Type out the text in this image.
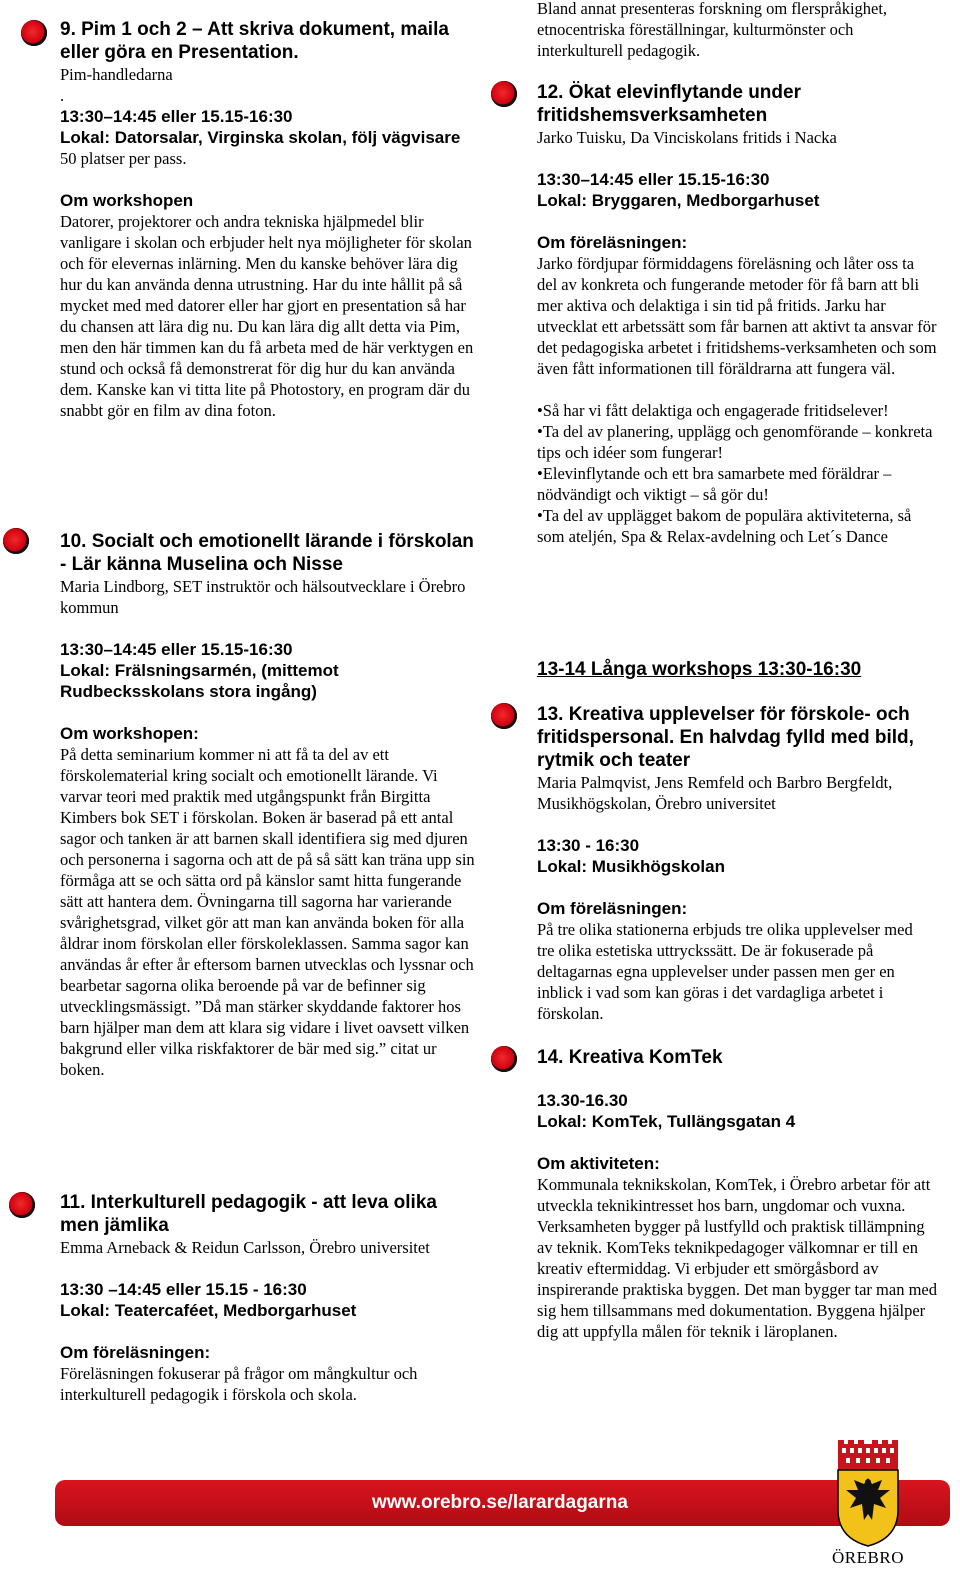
9. Pim 1 och 2 – Att skriva dokument, maila eller göra en Presentation.

Pim-handledarna

.

13:30–14:45 eller 15.15-16:30

Lokal: Datorsalar, Virginska skolan, följ vägvisare

50 platser per pass.

Om workshopen

Datorer, projektorer och andra tekniska hjälpmedel blir vanligare i skolan och erbjuder helt nya möjligheter för skolan och för elevernas inlärning. Men du kanske behöver lära dig hur du kan använda denna utrustning. Har du inte hållit på så mycket med med datorer eller har gjort en presentation så har du chansen att lära dig nu. Du kan lära dig allt detta via Pim, men den här timmen kan du få arbeta med de här verktygen en stund och också få demonstrerat för dig hur du kan använda dem. Kanske kan vi titta lite på Photostory, en program där du snabbt gör en film av dina foton.

10. Socialt och emotionellt lärande i förskolan - Lär känna Muselina och Nisse

Maria Lindborg, SET instruktör och hälsoutvecklare i Örebro kommun

13:30–14:45 eller 15.15-16:30

Lokal: Frälsningsarmén, (mittemot Rudbecksskolans stora ingång)

Om workshopen:

På detta seminarium kommer ni att få ta del av ett förskolematerial kring socialt och emotionellt lärande. Vi varvar teori med praktik med utgångspunkt från Birgitta Kimbers bok SET i förskolan. Boken är baserad på ett antal sagor och tanken är att barnen skall identifiera sig med djuren och personerna i sagorna och att de på så sätt kan träna upp sin förmåga att se och sätta ord på känslor samt hitta fungerande sätt att hantera dem. Övningarna till sagorna har varierande svårighetsgrad, vilket gör att man kan använda boken för alla åldrar inom förskolan eller förskoleklassen. Samma sagor kan användas år efter år eftersom barnen utvecklas och lyssnar och bearbetar sagorna olika beroende på var de befinner sig utvecklingsmässigt. ”Då man stärker skyddande faktorer hos barn hjälper man dem att klara sig vidare i livet oavsett vilken bakgrund eller vilka riskfaktorer de bär med sig.” citat ur boken.

11. Interkulturell pedagogik - att leva olika men jämlika

Emma Arneback & Reidun Carlsson, Örebro universitet

13:30 –14:45 eller 15.15 - 16:30

Lokal: Teatercaféet, Medborgarhuset

Om föreläsningen:

Föreläsningen fokuserar på frågor om mångkultur och interkulturell pedagogik i förskola och skola.

Bland annat presenteras forskning om flerspråkighet, etnocentriska föreställningar, kulturmönster och interkulturell pedagogik.

12. Ökat elevinflytande under fritidshemsverksamheten

Jarko Tuisku, Da Vinciskolans fritids i Nacka

13:30–14:45 eller 15.15-16:30

Lokal: Bryggaren, Medborgarhuset

Om föreläsningen:

Jarko fördjupar förmiddagens föreläsning och låter oss ta del av konkreta och fungerande metoder för få barn att bli mer aktiva och delaktiga i sin tid på fritids. Jarku har utvecklat ett arbetssätt som får barnen att aktivt ta ansvar för det pedagogiska arbetet i fritidshems-verksamheten och som även fått informationen till föräldrarna att fungera väl.

•Så har vi fått delaktiga och engagerade fritidselever!

•Ta del av planering, upplägg och genomförande – konkreta tips och idéer som fungerar!

•Elevinflytande och ett bra samarbete med föräldrar – nödvändigt och viktigt – så gör du!

•Ta del av upplägget bakom de populära aktiviteterna, så som ateljén, Spa & Relax-avdelning och Let´s Dance

13-14 Långa workshops 13:30-16:30

13. Kreativa upplevelser för förskole- och fritidspersonal. En halvdag fylld med bild, rytmik och teater

Maria Palmqvist, Jens Remfeld och Barbro Bergfeldt, Musikhögskolan, Örebro universitet

13:30 - 16:30

Lokal: Musikhögskolan

Om föreläsningen:

På tre olika stationerna erbjuds tre olika upplevelser med tre olika estetiska uttryckssätt. De är fokuserade på deltagarnas egna upplevelser under passen men ger en inblick i vad som kan göras i det vardagliga arbetet i förskolan.

14. Kreativa KomTek

13.30-16.30

Lokal: KomTek, Tullängsgatan 4

Om aktiviteten:

Kommunala teknikskolan, KomTek, i Örebro arbetar för att utveckla teknikintresset hos barn, ungdomar och vuxna. Verksamheten bygger på lustfylld och praktisk tillämpning av teknik. KomTeks teknikpedagoger välkomnar er till en kreativ eftermiddag. Vi erbjuder ett smörgåsbord av inspirerande praktiska byggen. Det man bygger tar man med sig hem tillsammans med dokumentation. Byggena hjälper dig att uppfylla målen för teknik i läroplanen.

www.orebro.se/larardagarna
ÖREBRO
